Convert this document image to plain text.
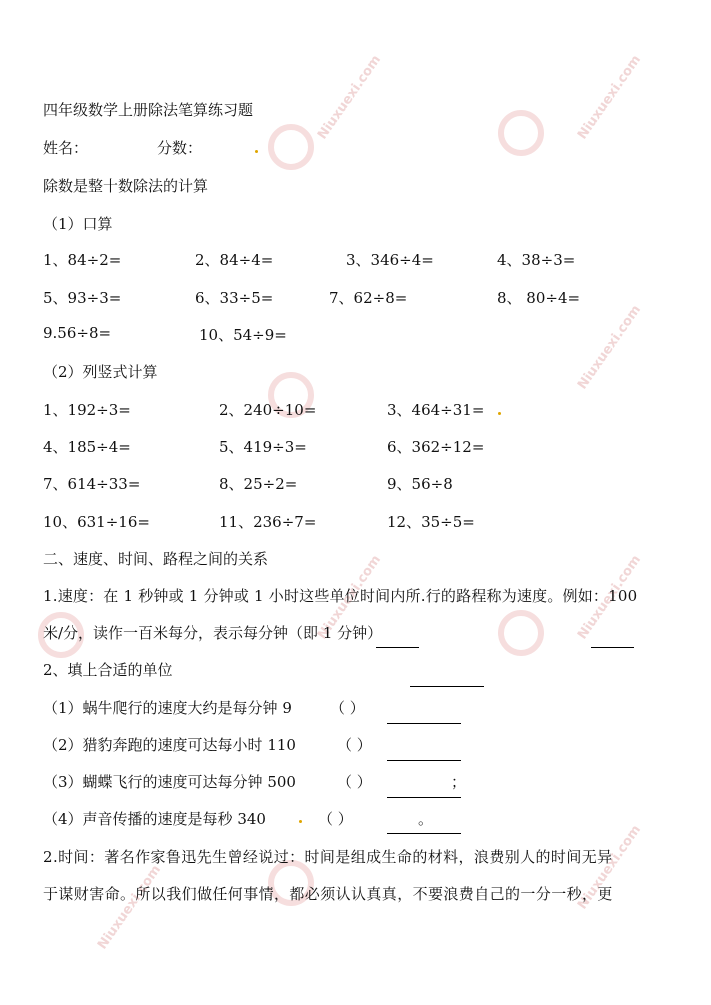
Niuxuexi.com	Niuxuexi.com
Niuxuexi.com
Niuxuexi.com	Niuxuexi.com
Niuxuexi.com	Niuxuexi.com
四年级数学上册除法笔算练习题
姓名：	分数：
除数是整十数除法的计算
（1）口算
1、84÷2=	2、84÷4=	3、346÷4=	4、38÷3=
5、93÷3=	6、33÷5=	7、62÷8=	8、 80÷4=
9.56÷8=	10、54÷9=
（2）列竖式计算
1、192÷3=	2、240÷10=	3、464÷31=
4、185÷4=	5、419÷3=	6、362÷12=
7、614÷33=	8、25÷2=	9、56÷8
10、631÷16=	11、236÷7=	12、35÷5=
二、速度、时间、路程之间的关系
1.速度：在 1 秒钟或 1 分钟或 1 小时这些单位时间内所.行的路程称为速度。例如：100
米/分，读作一百米每分，表示每分钟（即 1 分钟）
2、填上合适的单位
（1）蜗牛爬行的速度大约是每分钟 9	（ ）
（2）猎豹奔跑的速度可达每小时 110	（ ）
（3）蝴蝶飞行的速度可达每分钟 500	（ ）	；
（4）声音传播的速度是每秒 340	（ ）	。
2.时间：著名作家鲁迅先生曾经说过：时间是组成生命的材料，浪费别人的时间无异
于谋财害命。所以我们做任何事情，都必须认认真真，不要浪费自己的一分一秒，更
